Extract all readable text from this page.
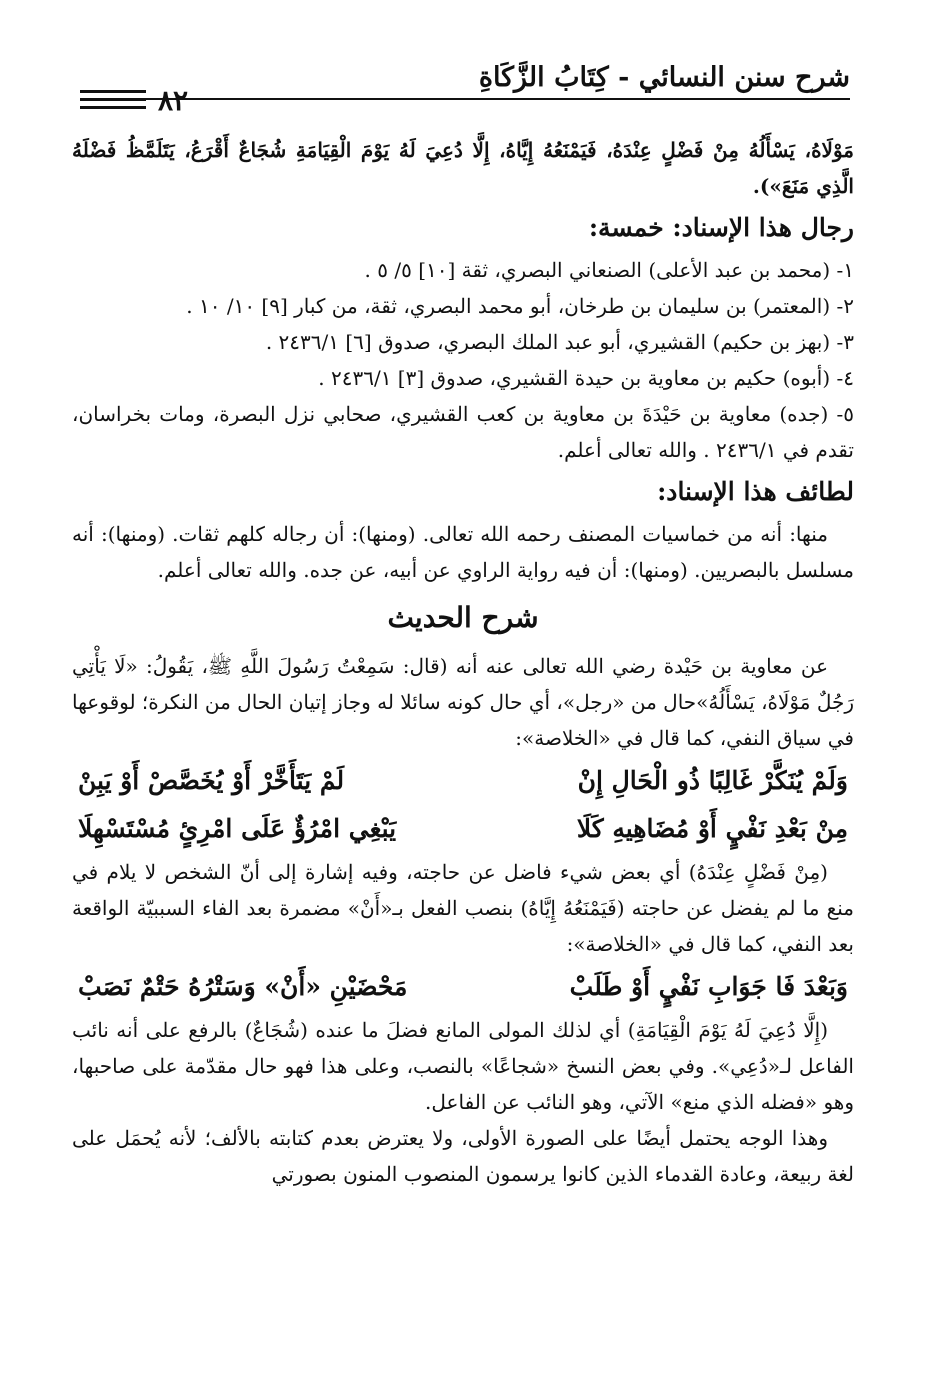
شرح سنن النسائي - كِتَابُ الزَّكَاةِ
٨٢

مَوْلَاهُ، يَسْأَلُهُ مِنْ فَضْلٍ عِنْدَهُ، فَيَمْنَعُهُ إِيَّاهُ، إِلَّا دُعِيَ لَهُ يَوْمَ الْقِيَامَةِ شُجَاعٌ أَقْرَعُ، يَتَلَمَّظُ فَضْلَهُ الَّذِي مَنَعَ»).

رجال هذا الإسناد: خمسة:

١- (محمد بن عبد الأعلى) الصنعاني البصري، ثقة [١٠] ٥/ ٥ .

٢- (المعتمر) بن سليمان بن طرخان، أبو محمد البصري، ثقة، من كبار [٩] ١٠/ ١٠ .

٣- (بهز بن حكيم) القشيري، أبو عبد الملك البصري، صدوق [٦] ٢٤٣٦/١ .

٤- (أبوه) حكيم بن معاوية بن حيدة القشيري، صدوق [٣] ٢٤٣٦/١ .

٥- (جده) معاوية بن حَيْدَةَ بن معاوية بن كعب القشيري، صحابي نزل البصرة، ومات بخراسان، تقدم في ٢٤٣٦/١ . والله تعالى أعلم.

لطائف هذا الإسناد:

منها: أنه من خماسيات المصنف رحمه الله تعالى. (ومنها): أن رجاله كلهم ثقات. (ومنها): أنه مسلسل بالبصريين. (ومنها): أن فيه رواية الراوي عن أبيه، عن جده. والله تعالى أعلم.

شرح الحديث

عن معاوية بن حَيْدة رضي الله تعالى عنه أنه (قال: سَمِعْتُ رَسُولَ اللَّهِ ﷺ، يَقُولُ: «لَا يَأْتِي رَجُلٌ مَوْلَاهُ، يَسْأَلُهُ»حال من «رجل»، أي حال كونه سائلا له وجاز إتيان الحال من النكرة؛ لوقوعها في سياق النفي، كما قال في «الخلاصة»:

وَلَمْ يُنَكَّرْ غَالِبًا ذُو الْحَالِ إِنْ
لَمْ يَتَأَخَّرْ أَوْ يُخَصَّصْ أَوْ يَبِنْ
مِنْ بَعْدِ نَفْيٍ أَوْ مُضَاهِيهِ كَلَا
يَبْغِي امْرُؤٌ عَلَى امْرِئٍ مُسْتَسْهِلَا

(مِنْ فَضْلٍ عِنْدَهُ) أي بعض شيء فاضل عن حاجته، وفيه إشارة إلى أنّ الشخص لا يلام في منع ما لم يفضل عن حاجته (فَيَمْنَعُهُ إِيَّاهُ) بنصب الفعل بـ«أَنْ» مضمرة بعد الفاء السببيّة الواقعة بعد النفي، كما قال في «الخلاصة»:

وَبَعْدَ فَا جَوَابِ نَفْيٍ أَوْ طَلَبْ
مَحْضَيْنِ «أَنْ» وَسَتْرُهُ حَتْمٌ نَصَبْ

(إِلَّا دُعِيَ لَهُ يَوْمَ الْقِيَامَةِ) أي لذلك المولى المانع فضلَ ما عنده (شُجَاعٌ) بالرفع على أنه نائب الفاعل لـ«دُعِي». وفي بعض النسخ «شجاعًا» بالنصب، وعلى هذا فهو حال مقدّمة على صاحبها، وهو «فضله الذي منع» الآتي، وهو النائب عن الفاعل.

وهذا الوجه يحتمل أيضًا على الصورة الأولى، ولا يعترض بعدم كتابته بالألف؛ لأنه يُحمَل على لغة ربيعة، وعادة القدماء الذين كانوا يرسمون المنصوب المنون بصورتي
